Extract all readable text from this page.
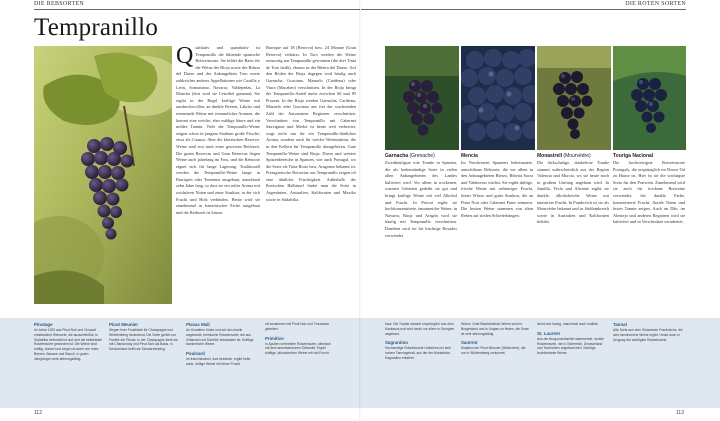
DIE REBSORTEN	DIE ROTEN SORTEN
Tempranillo
Qualitativ und quantitativ ist Tempranillo die führende spanische Rotweinsorte. Sie bildet die Basis für die Weine der Rioja sowie der Ribera del Duero und des Anbaugebiets Toro sowie zahlreicher anderer Appellationen wie Castilla y León, Somontano, Navarra, Valdepeñas, La Mancha (dort wird sie Cencibel genannt). Sie ergibt in der Regel kräftige Weine mit ausdrucksvollen, an dunkle Beeren, Lakritz und erinnernde Weine mit erstaunlicher Aromen, die kommt eine weiche, eher mildige Säure und ein mildes Tannin. Viele der Tempranillo-Weine zeigen schon in jungem Stadium große Frische, etwa als Crianza. Aber die klassischen Reserva-Weine sind erst nach einer gewissen Reifezeit. Die guten Reservas und Gran Reservas liegen Weine auch jahrelang im Fass, und die Rebsorte eignet sich für lange Lagerung. Traditionell werden die Tempranillo-Weine lange in Barriques oder Tonneaus ausgebaut, manchmal zehn Jahre lang, so dass sie ein reifes Aroma mit oxidativen Noten und einer Struktur, in der sich Frucht und Holz verbinden. Heute wird sie zunehmend in französischer Eiche ausgebaut und die Reifezeit ist kürzer.
Barrique auf 18 (Reserva) bzw. 24 Monate (Gran Reserva) verkürzt. In Toro werden die Weine reinsortig aus Tempranillo gewonnen (die dort Tinta de Toro heißt), ebenso in der Ribera del Duero. Auf den Böden der Rioja dagegen wird häufig auch Garnacha, Graciano, Mazuelo (Cariñena) oder Viura (Macabeo) verschnitten. In der Rioja bringt die Tempranillo-Anteil meist zwischen 60 und 85 Prozent. In der Rioja werden Garnacha, Cariñena, Mazuelo oder Graciano aus frei der wachsenden Zahl der Autonomen Regionen verschnitten. Verschnitten von Tempranillo mit Cabernet Sauvignon und Merlot ist heute weit verbreitet, sorgt nicht nur für ein Tempranillo-ähnliches Aroma, sondern auch für weiche Weinstruktur, die in den Kellern für Tempranillo dazugehören. Gute Tempranillo-Weine sind Rioja, Duero und weitere Spitzenbereiche in Spanien, wie auch Portugal, wo die Sorte als Tinta Roriz bzw. Aragonez bekannt ist. Portugiesische Rotweine aus Tempranillo zeigen oft eine ähnliche Fruchtigkeit. Außerhalb der Iberischen Halbinsel findet man die Sorte in Argentinien, Australien, Kalifornien und Mexiko sowie in Südafrika.
Garnacha (Grenache)	Mencía	Monastrell (Mourvèdre)	Touriga Nacional
Zweithäufigste rote Traube in Spanien, die als bodenständige Sorte in vielen alten Anbaugebieten des Landes kultiviert wird. Vor allem in trockenen, warmen Gebieten gedeiht sie gut und bringt kräftige Weine mit viel Alkohol und Frucht. In Priorat ergibt sie hochkonzentrierte, tanninreiche Weine; in Navarra, Rioja und Aragón wird sie häufig mit Tempranillo verschnitten. Daneben wird sie für fruchtige Rosados verwendet.
Im Nordwesten Spaniens beheimatete, autochthone Rebsorte, die vor allem in den Anbaugebieten Bierzo, Ribeira Sacra und Valdeorras wächst. Sie ergibt duftige, frische Weine mit rotbeeriger Frucht, feiner Würze und guter Struktur, die an Pinot Noir oder Cabernet Franc erinnern. Die besten Weine stammen von alten Reben auf steilen Schieferhängen.
Die dickschalige, dunkelrote Traube stammt wahrscheinlich aus der Region Valencia und Murcia, wo sie heute noch in großem Umfang angebaut wird. In Jumilla, Yecla und Alicante ergibt sie dunkle, alkoholreiche Weine mit intensiver Frucht. In Frankreich ist sie als Mourvèdre bekannt und in Südfrankreich sowie in Australien und Kalifornien beliebt.
Die hochwertigste Rotweinsorte Portugals, die ursprünglich im Douro-Tal zu Hause ist. Hier ist sie die wichtigste Sorte für den Portwein. Zunehmend wird sie auch für trockene Rotweine verwendet, die dunkle Farbe, konzentrierte Frucht, florale Noten und festes Tannin zeigen. Auch im Dão, im Alentejo und anderen Regionen wird sie kultiviert und in Verschnitten verarbeitet.
Pinotage
Im Jahre 1925 aus Pinot Noir und Cinsault entstandene Rebsorte, die ausschließlich in Südafrika verbreitet ist und dort die beliebteste Rotweinsorte geworden ist. Die Weine sind kräftig, dunkel und zeigen Aromen von roten Beeren, Banane und Rauch. In guten Jahrgängen sehr alterungsfähig.
Pinot Meunier
Wegen ihrer Frosthärte für Champagne und Württemberg bedeutend. Die Sorte gehört zur Familie der Pinots. In der Champagne dient sie mit Chardonnay und Pinot Noir als Basis, in Deutschland heißt sie Schwarzriesling.
Plavac Mali
An Kroatiens Küste und auf den Inseln angebaute, heimische Rotweinsorte, die aus Zinfandel und Dobričić entstanden ist. Kräftige, tanninreiche Weine.
Poulsard
Im französischen Jura heimisch, ergibt helle, zarte, duftige Weine mit feiner Frucht.
oft zusammen mit Pinot Noir und Trousseau gekeltert.
Primitivo
In Apulien verbreitete Rotweinsorte, identisch mit dem amerikanischen Zinfandel. Ergibt kräftige, alkoholreiche Weine mit viel Frucht.
baut. Die Traube stammt ursprünglich aus dem Kaukasus und wird heute vor allem in Georgien angebaut.
Sagrantino
Hochwertige Rotweinsorte Umbriens mit sehr hohem Tanningehalt, aus der der Montefalco Sagrantino entsteht.
Würze. Gute Blaufränkisch-Weine sind im Burgenland und in Ungarn zu finden, die Sorte ist sehr alterungsfähig.
Samtrot
Mutation der Pinot Meunier (Müllerrebe), die nur in Württemberg vorkommt.
leicht und harzig, manchmal auch rustikal.
St. Laurent
Aus der Burgunderfamilie stammende, dunkle Rotweinsorte, die in Österreich, Deutschland und Tschechien angebaut wird. Samtige, fruchtbetonte Weine.
Tannat
Alte Sorte aus dem Südwesten Frankreichs, die sehr tanninreiche Weine ergibt. Heute auch in Uruguay die wichtigste Rotweinsorte.
112	113
